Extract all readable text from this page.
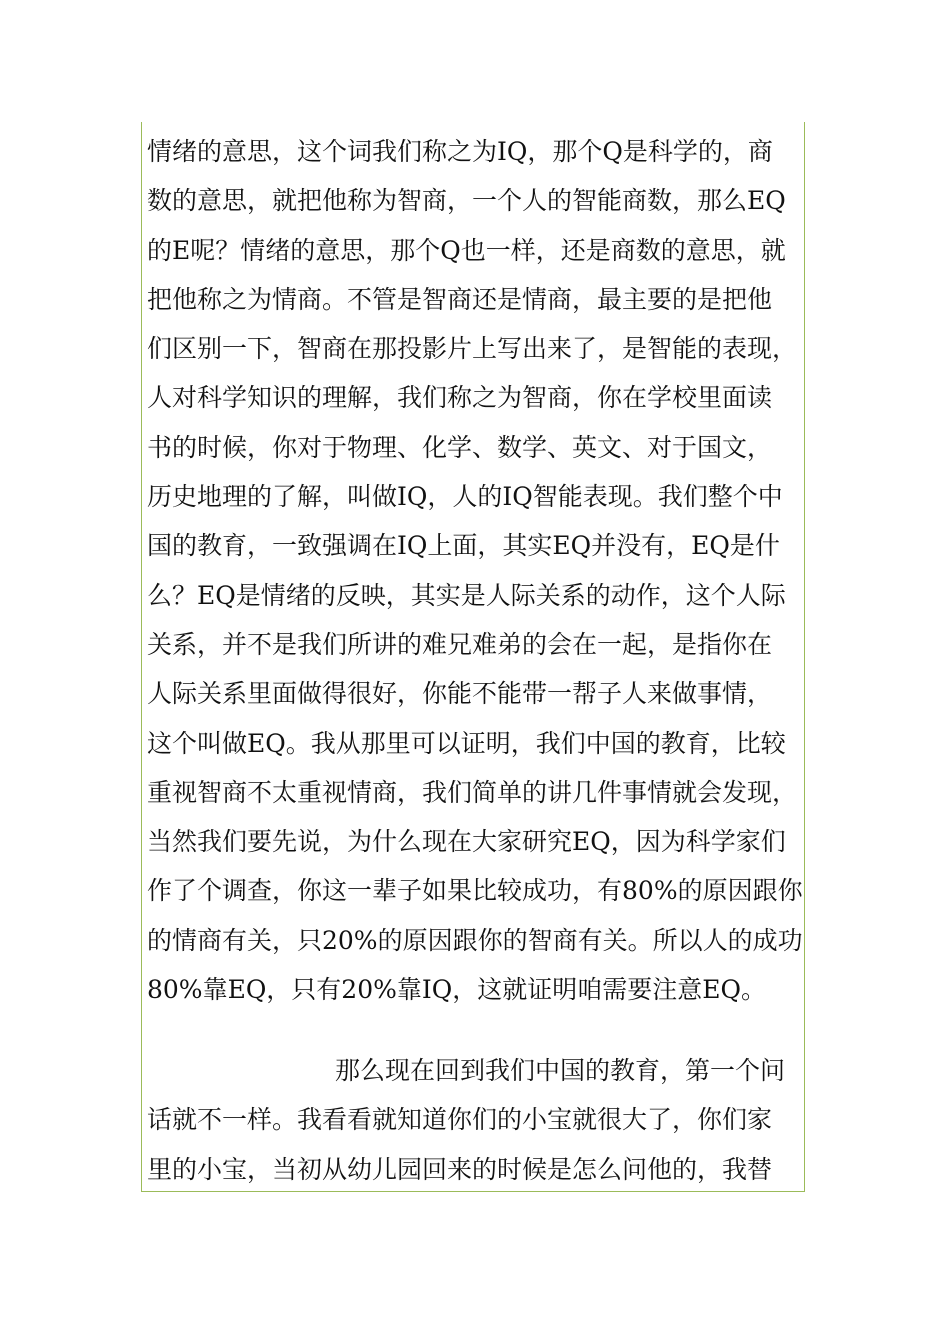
情绪的意思，这个词我们称之为IQ，那个Q是科学的，商
数的意思，就把他称为智商，一个人的智能商数，那么EQ
的E呢？情绪的意思，那个Q也一样，还是商数的意思，就
把他称之为情商。不管是智商还是情商，最主要的是把他
们区别一下，智商在那投影片上写出来了，是智能的表现，
人对科学知识的理解，我们称之为智商，你在学校里面读
书的时候，你对于物理、化学、数学、英文、对于国文，
历史地理的了解，叫做IQ，人的IQ智能表现。我们整个中
国的教育，一致强调在IQ上面，其实EQ并没有，EQ是什
么？EQ是情绪的反映，其实是人际关系的动作，这个人际
关系，并不是我们所讲的难兄难弟的会在一起，是指你在
人际关系里面做得很好，你能不能带一帮子人来做事情，
这个叫做EQ。我从那里可以证明，我们中国的教育，比较
重视智商不太重视情商，我们简单的讲几件事情就会发现，
当然我们要先说，为什么现在大家研究EQ，因为科学家们
作了个调查，你这一辈子如果比较成功，有80%的原因跟你
的情商有关，只20%的原因跟你的智商有关。所以人的成功
80%靠EQ，只有20%靠IQ，这就证明咱需要注意EQ。
那么现在回到我们中国的教育，第一个问
话就不一样。我看看就知道你们的小宝就很大了，你们家
里的小宝，当初从幼儿园回来的时候是怎么问他的，我替
